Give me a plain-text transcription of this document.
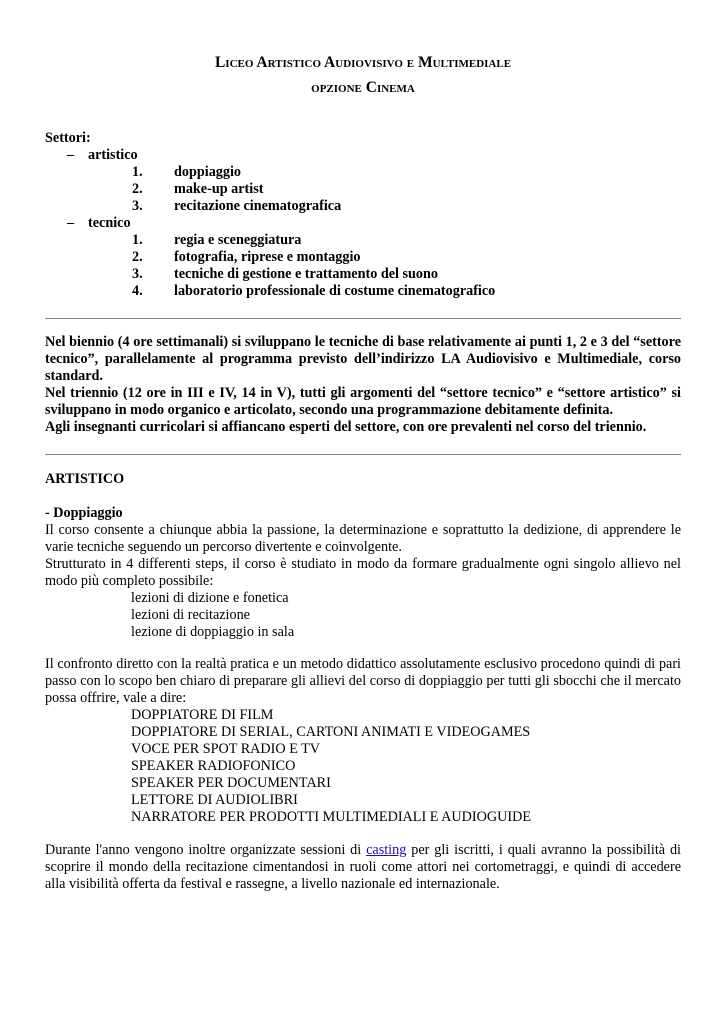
Liceo Artistico Audiovisivo e Multimediale
opzione Cinema
Settori:
– artistico
1. doppiaggio
2. make-up artist
3. recitazione cinematografica
– tecnico
1. regia e sceneggiatura
2. fotografia, riprese e montaggio
3. tecniche di gestione e trattamento del suono
4. laboratorio professionale di costume cinematografico

Nel biennio (4 ore settimanali) si sviluppano le tecniche di base relativamente ai punti 1, 2 e 3 del “settore tecnico”, parallelamente al programma previsto dell’indirizzo LA Audiovisivo e Multimediale, corso standard.

Nel triennio (12 ore in III e IV, 14 in V), tutti gli argomenti del “settore tecnico” e “settore artistico” si sviluppano in modo organico e articolato, secondo una programmazione debitamente definita.

Agli insegnanti curricolari si affiancano esperti del settore, con ore prevalenti nel corso del triennio.

ARTISTICO
- Doppiaggio

Il corso consente a chiunque abbia la passione, la determinazione e soprattutto la dedizione, di apprendere le varie tecniche seguendo un percorso divertente e coinvolgente.

Strutturato in 4 differenti steps, il corso è studiato in modo da formare gradualmente ogni singolo allievo nel modo più completo possibile:

lezioni di dizione e fonetica

lezioni di recitazione

lezione di doppiaggio in sala

Il confronto diretto con la realtà pratica e un metodo didattico assolutamente esclusivo procedono quindi di pari passo con lo scopo ben chiaro di preparare gli allievi del corso di doppiaggio per tutti gli sbocchi che il mercato possa offrire, vale a dire:

DOPPIATORE DI FILM

DOPPIATORE DI SERIAL, CARTONI ANIMATI E VIDEOGAMES

VOCE PER SPOT RADIO E TV

SPEAKER RADIOFONICO

SPEAKER PER DOCUMENTARI

LETTORE DI AUDIOLIBRI

NARRATORE PER PRODOTTI MULTIMEDIALI E AUDIOGUIDE

Durante l'anno vengono inoltre organizzate sessioni di casting per gli iscritti, i quali avranno la possibilità di scoprire il mondo della recitazione cimentandosi in ruoli come attori nei cortometraggi, e quindi di accedere alla visibilità offerta da festival e rassegne, a livello nazionale ed internazionale.
